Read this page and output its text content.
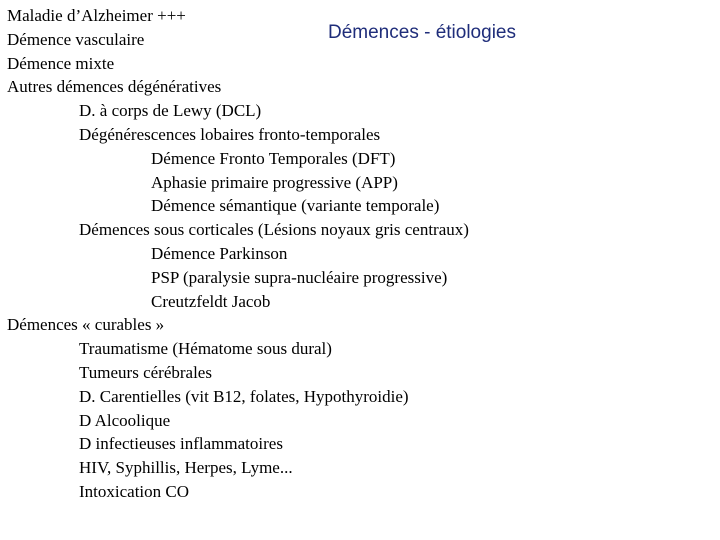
Démences - étiologies
Maladie d’Alzheimer +++
Démence vasculaire
Démence mixte
Autres démences dégénératives
D. à corps de Lewy (DCL)
Dégénérescences lobaires fronto-temporales
Démence Fronto Temporales (DFT)
Aphasie primaire progressive (APP)
Démence sémantique (variante temporale)
Démences sous corticales (Lésions noyaux gris centraux)
Démence Parkinson
PSP (paralysie supra-nucléaire progressive)
Creutzfeldt Jacob
Démences « curables »
Traumatisme (Hématome sous dural)
Tumeurs cérébrales
D. Carentielles (vit B12, folates, Hypothyroidie)
D Alcoolique
D infectieuses inflammatoires
HIV, Syphillis, Herpes, Lyme...
Intoxication CO
